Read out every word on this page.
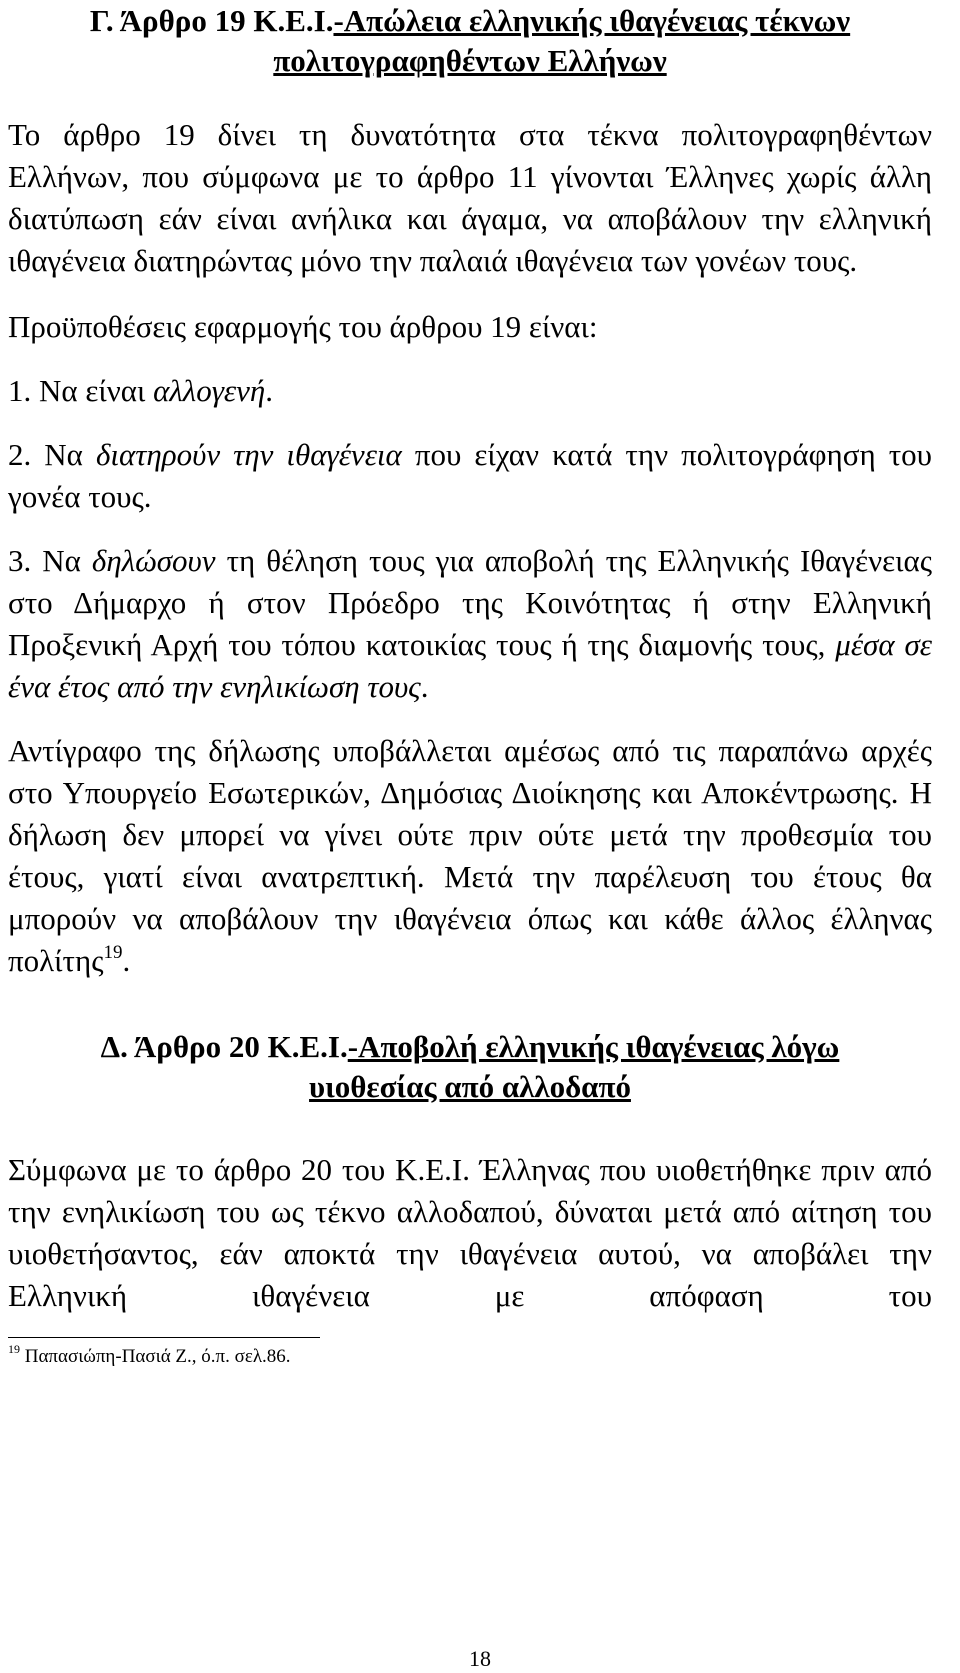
Γ. Άρθρο 19 Κ.Ε.Ι.-Απώλεια ελληνικής ιθαγένειας τέκνων
πολιτογραφηθέντων Ελλήνων

Το άρθρο 19 δίνει τη δυνατότητα στα τέκνα πολιτογραφηθέντων Ελλήνων, που σύμφωνα με το άρθρο 11 γίνονται Έλληνες χωρίς άλλη διατύπωση εάν είναι ανήλικα και άγαμα, να αποβάλουν την ελληνική ιθαγένεια διατηρώντας μόνο την παλαιά ιθαγένεια των γονέων τους.

Προϋποθέσεις εφαρμογής του άρθρου 19 είναι:

1. Να είναι αλλογενή.

2. Να διατηρούν την ιθαγένεια που είχαν κατά την πολιτογράφηση του γονέα τους.

3. Να δηλώσουν τη θέληση τους για αποβολή της Ελληνικής Ιθαγένειας στο Δήμαρχο ή στον Πρόεδρο της Κοινότητας ή στην Ελληνική Προξενική Αρχή του τόπου κατοικίας τους ή της διαμονής τους, μέσα σε ένα έτος από την ενηλικίωση τους.

Αντίγραφο της δήλωσης υποβάλλεται αμέσως από τις παραπάνω αρχές στο Υπουργείο Εσωτερικών, Δημόσιας Διοίκησης και Αποκέντρωσης. Η δήλωση δεν μπορεί να γίνει ούτε πριν ούτε μετά την προθεσμία του έτους, γιατί είναι ανατρεπτική. Μετά την παρέλευση του έτους θα μπορούν να αποβάλουν την ιθαγένεια όπως και κάθε άλλος έλληνας πολίτης$^{19}$.

Δ. Άρθρο 20 Κ.Ε.Ι.-Αποβολή ελληνικής ιθαγένειας λόγω
υιοθεσίας από αλλοδαπό

Σύμφωνα με το άρθρο 20 του Κ.Ε.Ι. Έλληνας που υιοθετήθηκε πριν από την ενηλικίωση του ως τέκνο αλλοδαπού, δύναται μετά από αίτηση του υιοθετήσαντος, εάν αποκτά την ιθαγένεια αυτού, να αποβάλει την Ελληνική ιθαγένεια με απόφαση του

$^{19}$ Παπασιώπη-Πασιά Ζ., ό.π. σελ.86.

18
